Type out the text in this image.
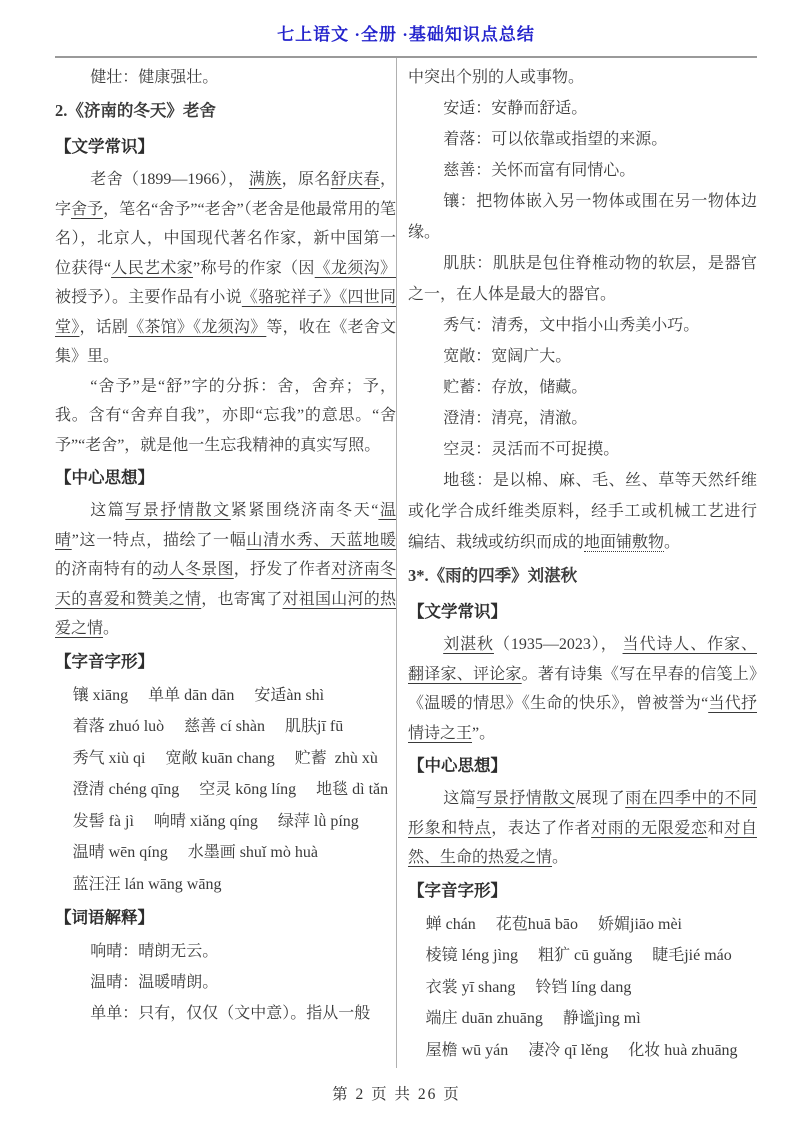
七上语文 ·全册 ·基础知识点总结

健壮：健康强壮。

2.《济南的冬天》老舍
【文学常识】

老舍（1899—1966）， 满族，原名舒庆春，字舍予，笔名“舍予”“老舍”（老舍是他最常用的笔名），北京人，中国现代著名作家，新中国第一位获得“人民艺术家”称号的作家（因《龙须沟》被授予）。主要作品有小说《骆驼祥子》《四世同堂》，话剧《茶馆》《龙须沟》等，收在《老舍文集》里。

“舍予”是“舒”字的分拆：舍，舍弃；予，我。含有“舍弃自我”，亦即“忘我”的意思。“舍予”“老舍”，就是他一生忘我精神的真实写照。

【中心思想】

这篇写景抒情散文紧紧围绕济南冬天“温晴”这一特点，描绘了一幅山清水秀、天蓝地暖的济南特有的动人冬景图，抒发了作者对济南冬天的喜爱和赞美之情，也寄寓了对祖国山河的热爱之情。

【字音字形】

镶 xiāng　 单单 dān dān　 安适àn shì

着落 zhuó luò　 慈善 cí shàn　 肌肤jī fū

秀气 xiù qi　 宽敞 kuān chang　 贮蓄  zhù xù

澄清 chéng qīng　 空灵 kōng líng　 地毯 dì tǎn

发髻 fà jì　 响晴 xiǎng qíng　 绿萍 lǜ píng

温晴 wēn qíng　 水墨画 shuǐ mò huà

蓝汪汪 lán wāng wāng

【词语解释】

响晴：晴朗无云。

温晴：温暖晴朗。

单单：只有，仅仅（文中意）。指从一般

中突出个别的人或事物。

安适：安静而舒适。

着落：可以依靠或指望的来源。

慈善：关怀而富有同情心。

镶：把物体嵌入另一物体或围在另一物体边缘。

肌肤：肌肤是包住脊椎动物的软层，是器官之一，在人体是最大的器官。

秀气：清秀，文中指小山秀美小巧。

宽敞：宽阔广大。

贮蓄：存放，储藏。

澄清：清亮，清澈。

空灵：灵活而不可捉摸。

地毯：是以棉、麻、毛、丝、草等天然纤维或化学合成纤维类原料，经手工或机械工艺进行编结、栽绒或纺织而成的地面铺敷物。

3*.《雨的四季》刘湛秋
【文学常识】

刘湛秋（1935—2023）， 当代诗人、作家、翻译家、评论家。著有诗集《写在早春的信笺上》《温暖的情思》《生命的快乐》，曾被誉为“当代抒情诗之王”。

【中心思想】

这篇写景抒情散文展现了雨在四季中的不同形象和特点，表达了作者对雨的无限爱恋和对自然、生命的热爱之情。

【字音字形】

蝉 chán　 花苞huā bāo　 娇媚jiāo mèi

棱镜 léng jìng　 粗犷 cū guǎng　 睫毛jié máo

衣裳 yī shang　 铃铛 líng dang

端庄 duān zhuāng　 静谧jìng mì

屋檐 wū yán　 凄冷 qī lěng　 化妆 huà zhuāng

第 2 页 共 26 页
